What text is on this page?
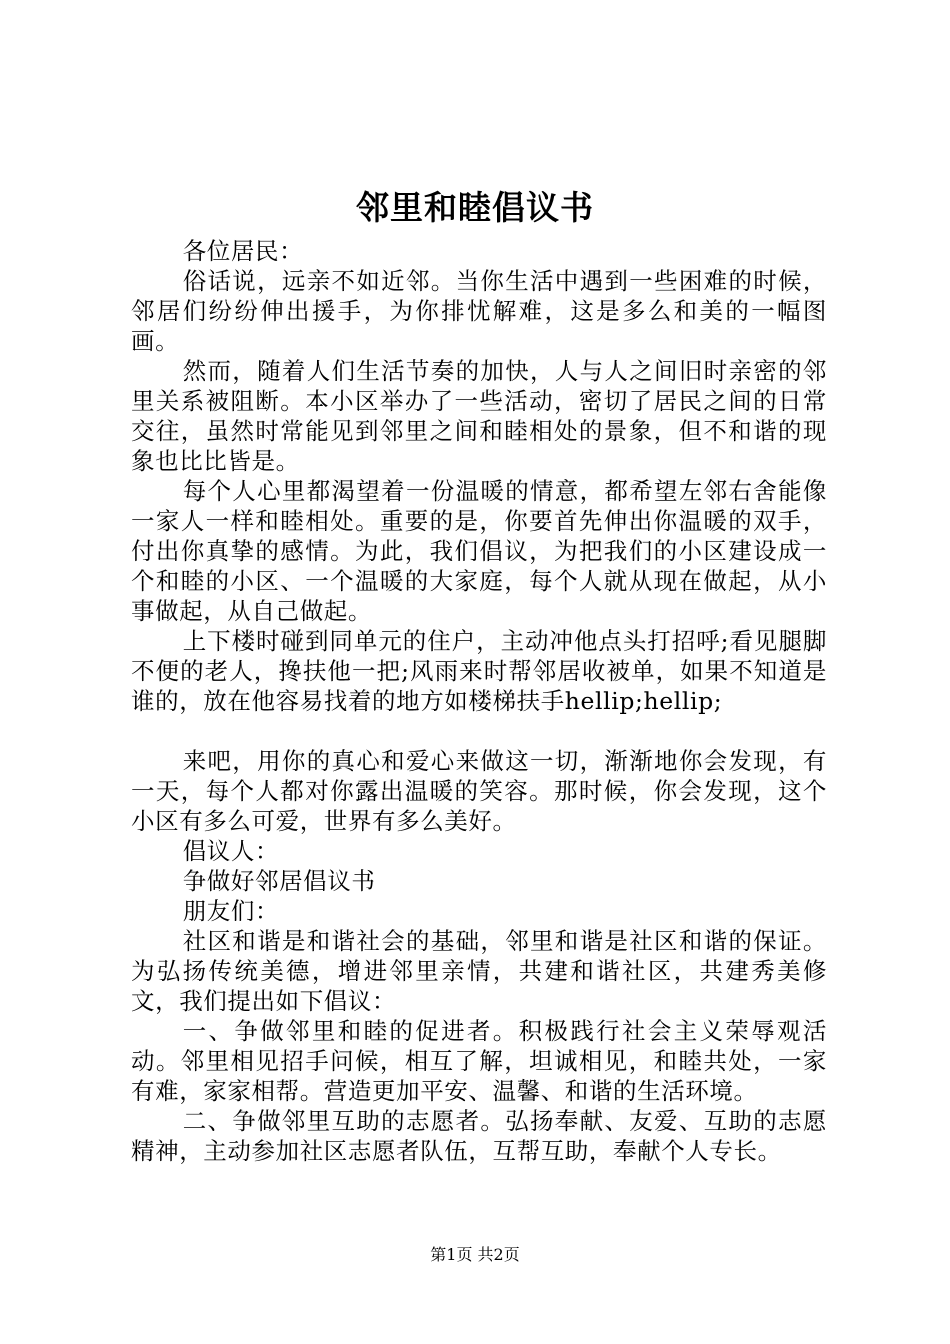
邻里和睦倡议书

各位居民：

俗话说，远亲不如近邻。当你生活中遇到一些困难的时候，邻居们纷纷伸出援手，为你排忧解难，这是多么和美的一幅图画。

然而，随着人们生活节奏的加快，人与人之间旧时亲密的邻里关系被阻断。本小区举办了一些活动，密切了居民之间的日常交往，虽然时常能见到邻里之间和睦相处的景象，但不和谐的现象也比比皆是。

每个人心里都渴望着一份温暖的情意，都希望左邻右舍能像一家人一样和睦相处。重要的是，你要首先伸出你温暖的双手，付出你真挚的感情。为此，我们倡议，为把我们的小区建设成一个和睦的小区、一个温暖的大家庭，每个人就从现在做起，从小事做起，从自己做起。

上下楼时碰到同单元的住户，主动冲他点头打招呼;看见腿脚不便的老人，搀扶他一把;风雨来时帮邻居收被单，如果不知道是谁的，放在他容易找着的地方如楼梯扶手hellip;hellip;

来吧，用你的真心和爱心来做这一切，渐渐地你会发现，有一天，每个人都对你露出温暖的笑容。那时候，你会发现，这个小区有多么可爱，世界有多么美好。

倡议人：

争做好邻居倡议书

朋友们：

社区和谐是和谐社会的基础，邻里和谐是社区和谐的保证。为弘扬传统美德，增进邻里亲情，共建和谐社区，共建秀美修文，我们提出如下倡议：

一、争做邻里和睦的促进者。积极践行社会主义荣辱观活动。邻里相见招手问候，相互了解，坦诚相见，和睦共处，一家有难，家家相帮。营造更加平安、温馨、和谐的生活环境。

二、争做邻里互助的志愿者。弘扬奉献、友爱、互助的志愿精神，主动参加社区志愿者队伍，互帮互助，奉献个人专长。

第1页 共2页
